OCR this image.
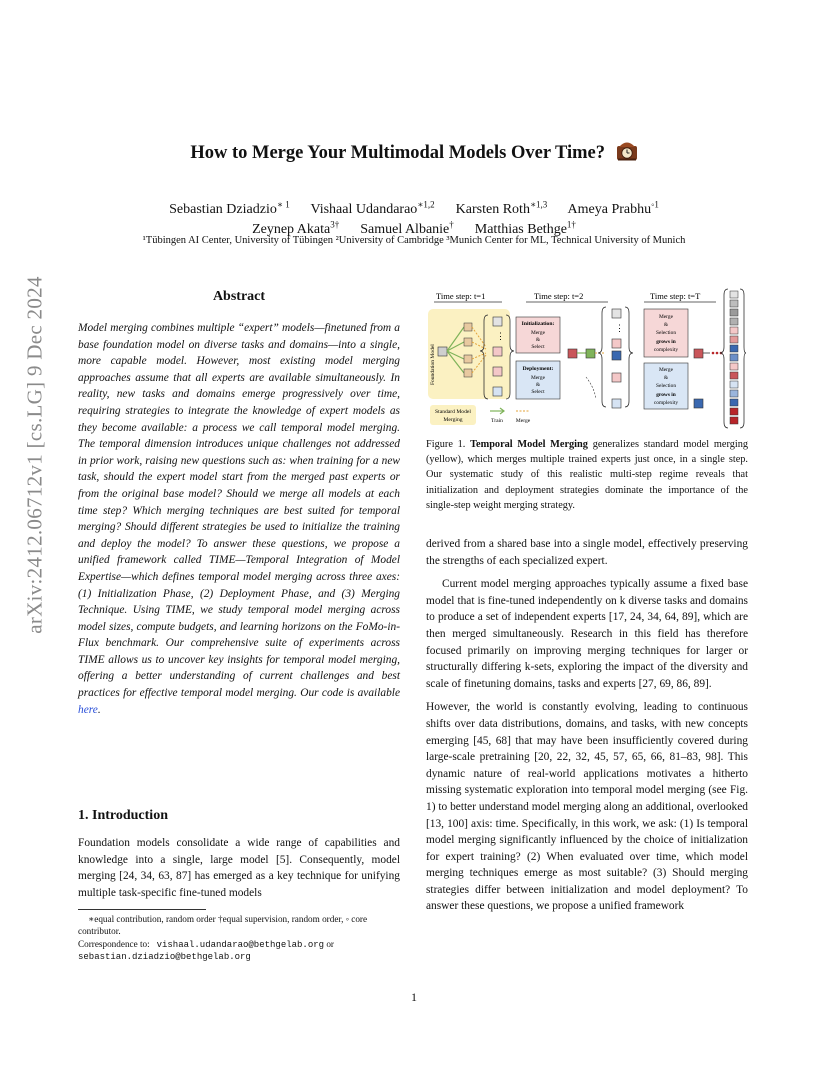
arXiv:2412.06712v1 [cs.LG] 9 Dec 2024
How to Merge Your Multimodal Models Over Time?
Sebastian Dziadzio$^{∗ 1}$ Vishaal Udandarao$^{∗1,2}$ Karsten Roth$^{∗1,3}$ Ameya Prabhu$^{◦1}$
Zeynep Akata$^{3\dagger}$ Samuel Albanie† Matthias Bethge$^{1\dagger}$
¹Tübingen AI Center, University of Tübingen ²University of Cambridge ³Munich Center for ML, Technical University of Munich
Abstract
Model merging combines multiple “expert” models—finetuned from a base foundation model on diverse tasks and domains—into a single, more capable model. However, most existing model merging approaches assume that all experts are available simultaneously. In reality, new tasks and domains emerge progressively over time, requiring strategies to integrate the knowledge of expert models as they become available: a process we call temporal model merging. The temporal dimension introduces unique challenges not addressed in prior work, raising new questions such as: when training for a new task, should the expert model start from the merged past experts or from the original base model? Should we merge all models at each time step? Which merging techniques are best suited for temporal merging? Should different strategies be used to initialize the training and deploy the model? To answer these questions, we propose a unified framework called TIME—Temporal Integration of Model Expertise—which defines temporal model merging across three axes: (1) Initialization Phase, (2) Deployment Phase, and (3) Merging Technique. Using TIME, we study temporal model merging across model sizes, compute budgets, and learning horizons on the FoMo-in-Flux benchmark. Our comprehensive suite of experiments across TIME allows us to uncover key insights for temporal model merging, offering a better understanding of current challenges and best practices for effective temporal model merging. Our code is available here.
1. Introduction
Foundation models consolidate a wide range of capabilities and knowledge into a single, large model [5]. Consequently, model merging [24, 34, 63, 87] has emerged as a key technique for unifying multiple task-specific fine-tuned models
∗equal contribution, random order †equal supervision, random order, ◦ core contributor.
Correspondence to: vishaal.udandarao@bethgelab.org or
sebastian.dziadzio@bethgelab.org
Time step: t=1	Time step: t=2	Time step: t=T
Foundation Model
⋮
Initialization:
Merge
&
Select
Deployment:
Merge
&
Select
⋮
Merge
&
Selection
grows in
complexity
Merge
&
Selection
grows in
complexity
Standard Model
Merging	Train Merge
Figure 1. Temporal Model Merging generalizes standard model merging (yellow), which merges multiple trained experts just once, in a single step. Our systematic study of this realistic multi-step regime reveals that initialization and deployment strategies dominate the importance of the single-step weight merging strategy.

derived from a shared base into a single model, effectively preserving the strengths of each specialized expert.

Current model merging approaches typically assume a fixed base model that is fine-tuned independently on k diverse tasks and domains to produce a set of independent experts [17, 24, 34, 64, 89], which are then merged simultaneously. Research in this field has therefore focused primarily on improving merging techniques for larger or structurally differing k-sets, exploring the impact of the diversity and scale of finetuning domains, tasks and experts [27, 69, 86, 89].

However, the world is constantly evolving, leading to continuous shifts over data distributions, domains, and tasks, with new concepts emerging [45, 68] that may have been insufficiently covered during large-scale pretraining [20, 22, 32, 45, 57, 65, 66, 81–83, 98]. This dynamic nature of real-world applications motivates a hitherto missing systematic exploration into temporal model merging (see Fig. 1) to better understand model merging along an additional, overlooked [13, 100] axis: time. Specifically, in this work, we ask: (1) Is temporal model merging significantly influenced by the choice of initialization for expert training? (2) When evaluated over time, which model merging techniques emerge as most suitable? (3) Should merging strategies differ between initialization and model deployment? To answer these questions, we propose a unified framework

1
